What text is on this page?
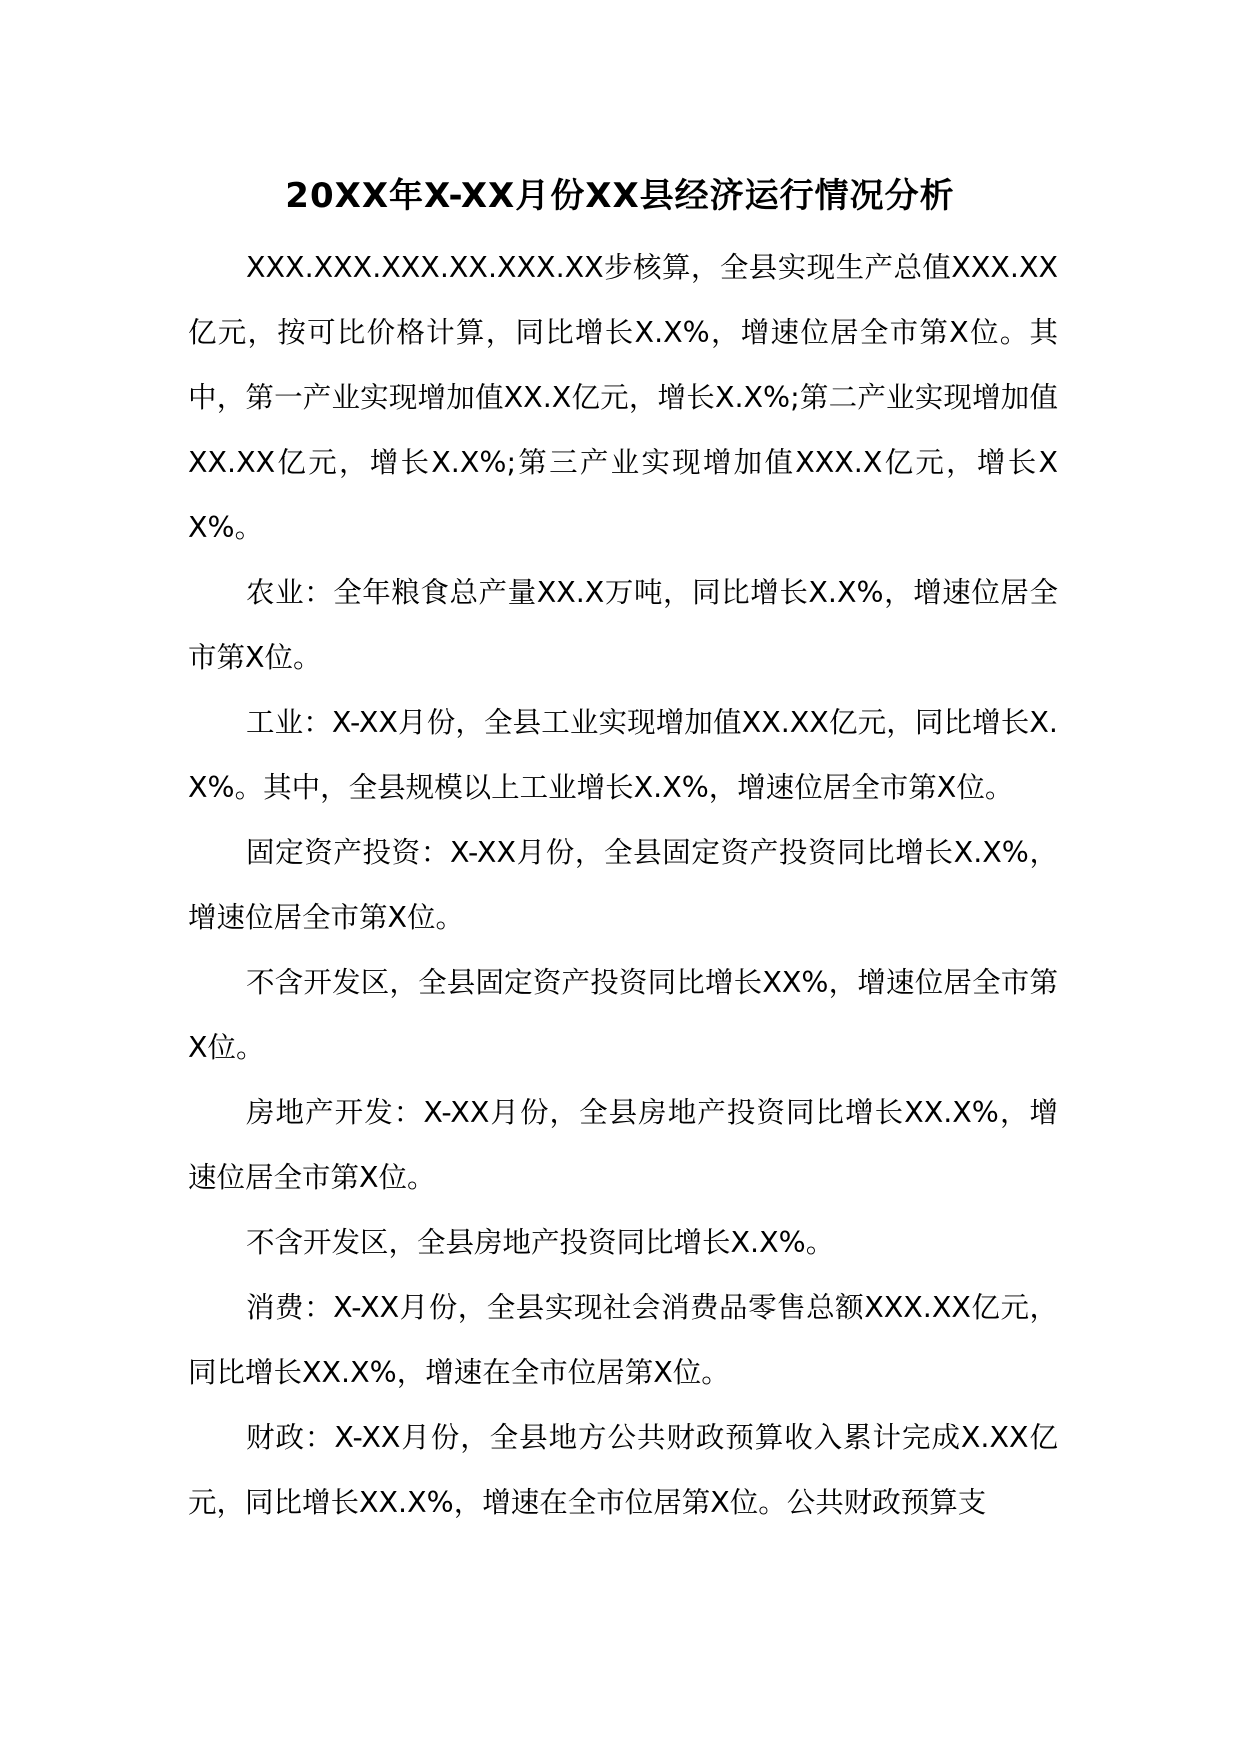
20XX年X-XX月份XX县经济运行情况分析

XXX.XXX.XXX.XX.XXX.XX步核算，全县实现生产总值XXX.XX亿元，按可比价格计算，同比增长X.X%，增速位居全市第X位。其中，第一产业实现增加值XX.X亿元，增长X.X%;第二产业实现增加值XX.XX亿元，增长X.X%;第三产业实现增加值XXX.X亿元，增长XX%。

农业：全年粮食总产量XX.X万吨，同比增长X.X%，增速位居全市第X位。

工业：X-XX月份，全县工业实现增加值XX.XX亿元，同比增长X.X%。其中，全县规模以上工业增长X.X%，增速位居全市第X位。

固定资产投资：X-XX月份，全县固定资产投资同比增长X.X%，增速位居全市第X位。

不含开发区，全县固定资产投资同比增长XX%，增速位居全市第X位。

房地产开发：X-XX月份，全县房地产投资同比增长XX.X%，增速位居全市第X位。

不含开发区，全县房地产投资同比增长X.X%。

消费：X-XX月份，全县实现社会消费品零售总额XXX.XX亿元，同比增长XX.X%，增速在全市位居第X位。

财政：X-XX月份，全县地方公共财政预算收入累计完成X.XX亿元，同比增长XX.X%，增速在全市位居第X位。公共财政预算支
